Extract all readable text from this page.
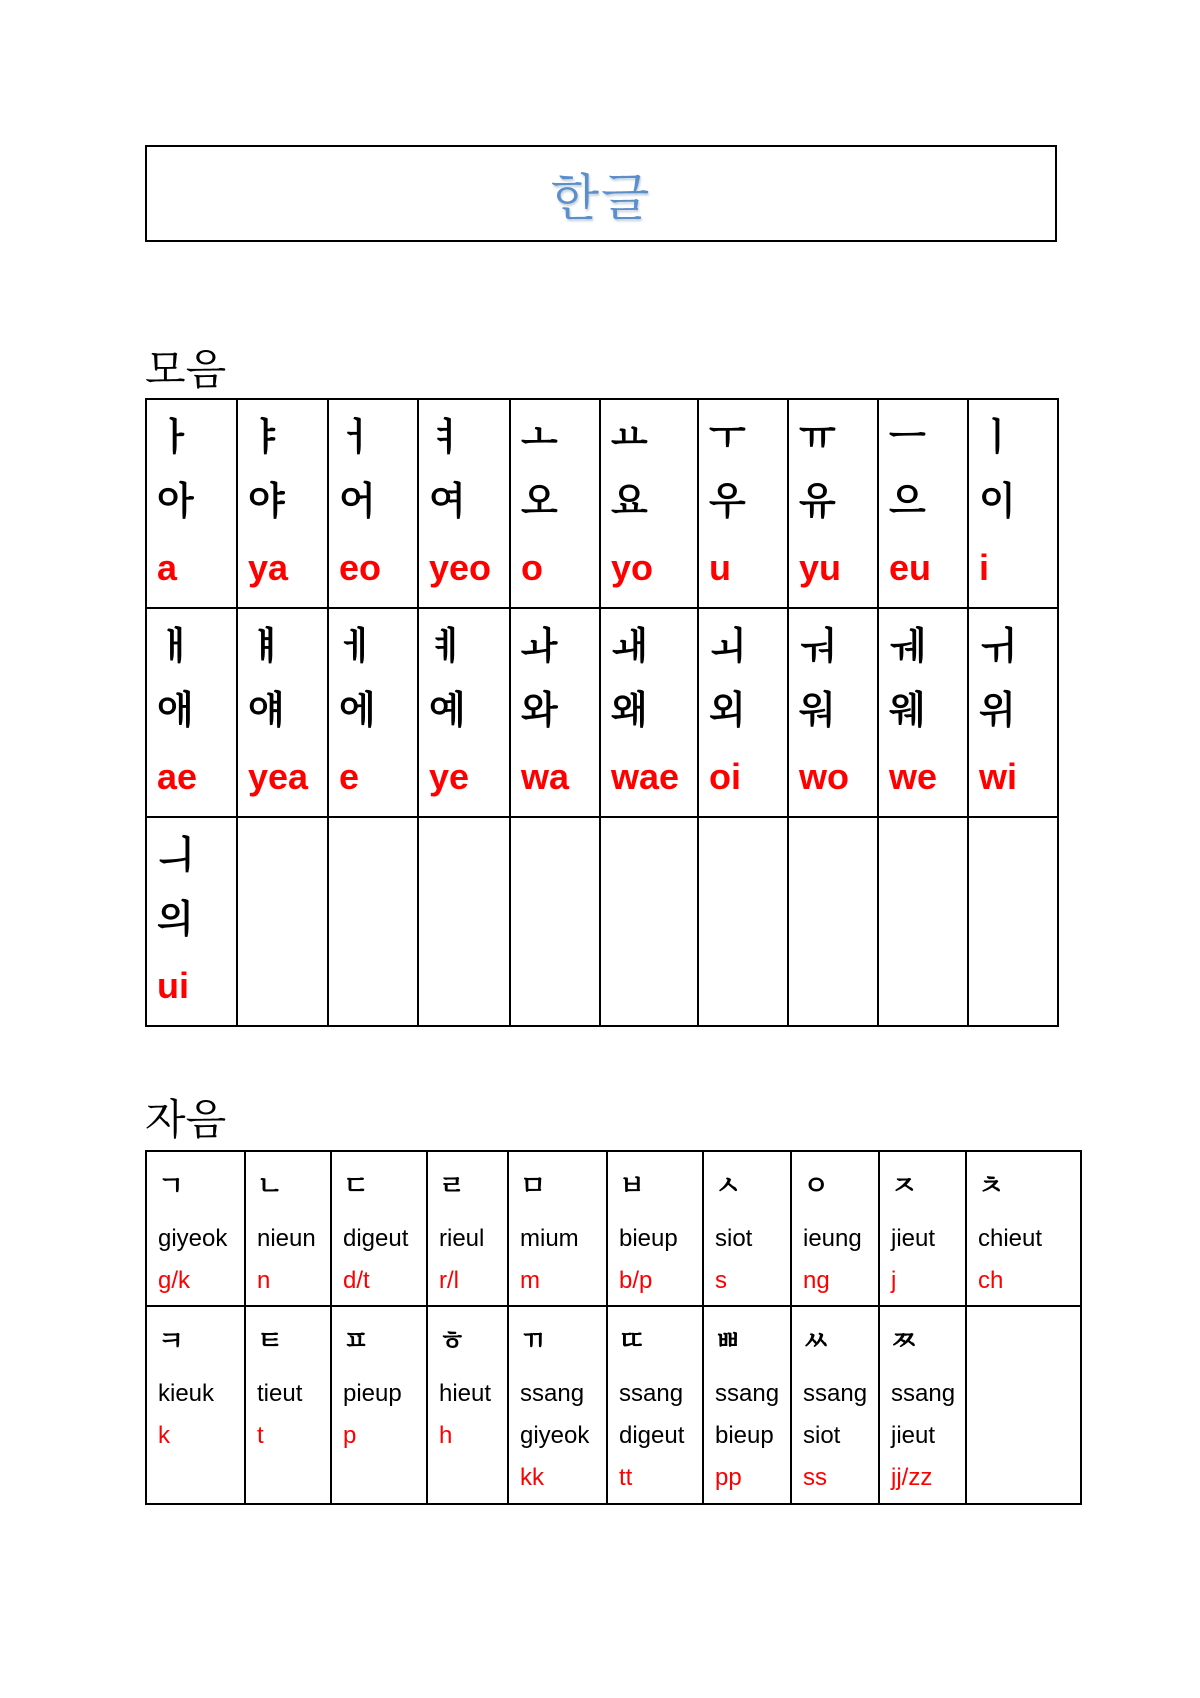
한글
모음
ㅏ
아
a	ㅑ
야
ya	ㅓ
어
eo	ㅕ
여
yeo	ㅗ
오
o	ㅛ
요
yo	ㅜ
우
u	ㅠ
유
yu	ㅡ
으
eu	ㅣ
이
i

ㅐ
애
ae	ㅒ
얘
yea	ㅔ
에
e	ㅖ
예
ye	ㅘ
와
wa	ㅙ
왜
wae	ㅚ
외
oi	ㅝ
워
wo	ㅞ
웨
we	ㅟ
위
wi

ㅢ
의
ui									

자음
ㄱ
giyeok
g/k	ㄴ
nieun
n	ㄷ
digeut
d/t	ㄹ
rieul
r/l	ㅁ
mium
m	ㅂ
bieup
b/p	ㅅ
siot
s	ㅇ
ieung
ng	ㅈ
jieut
j	ㅊ
chieut
ch

ㅋ
kieuk
k	ㅌ
tieut
t	ㅍ
pieup
p	ㅎ
hieut
h	ㄲ
ssang
giyeok
kk	ㄸ
ssang
digeut
tt	ㅃ
ssang
bieup
pp	ㅆ
ssang
siot
ss	ㅉ
ssang
jieut
jj/zz	
